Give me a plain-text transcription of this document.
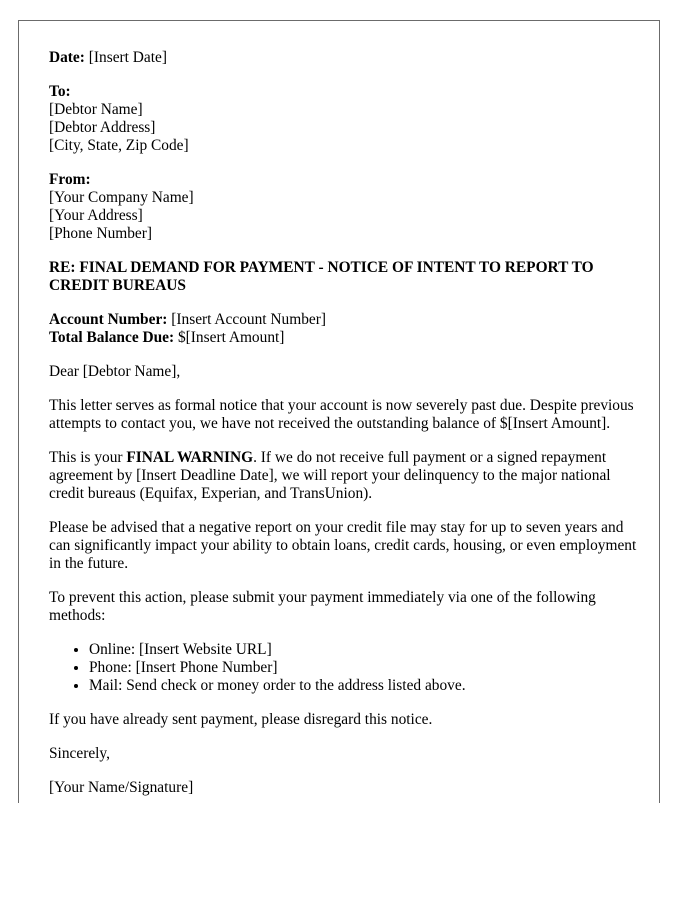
Date: [Insert Date]
To:
[Debtor Name]
[Debtor Address]
[City, State, Zip Code]
From:
[Your Company Name]
[Your Address]
[Phone Number]
RE: FINAL DEMAND FOR PAYMENT - NOTICE OF INTENT TO REPORT TO CREDIT BUREAUS
Account Number: [Insert Account Number]
Total Balance Due: $[Insert Amount]

Dear [Debtor Name],

This letter serves as formal notice that your account is now severely past due. Despite previous attempts to contact you, we have not received the outstanding balance of $[Insert Amount].

This is your FINAL WARNING. If we do not receive full payment or a signed repayment agreement by [Insert Deadline Date], we will report your delinquency to the major national credit bureaus (Equifax, Experian, and TransUnion).

Please be advised that a negative report on your credit file may stay for up to seven years and can significantly impact your ability to obtain loans, credit cards, housing, or even employment in the future.

To prevent this action, please submit your payment immediately via one of the following methods:

• Online: [Insert Website URL]
• Phone: [Insert Phone Number]
• Mail: Send check or money order to the address listed above.

If you have already sent payment, please disregard this notice.

Sincerely,

[Your Name/Signature]
